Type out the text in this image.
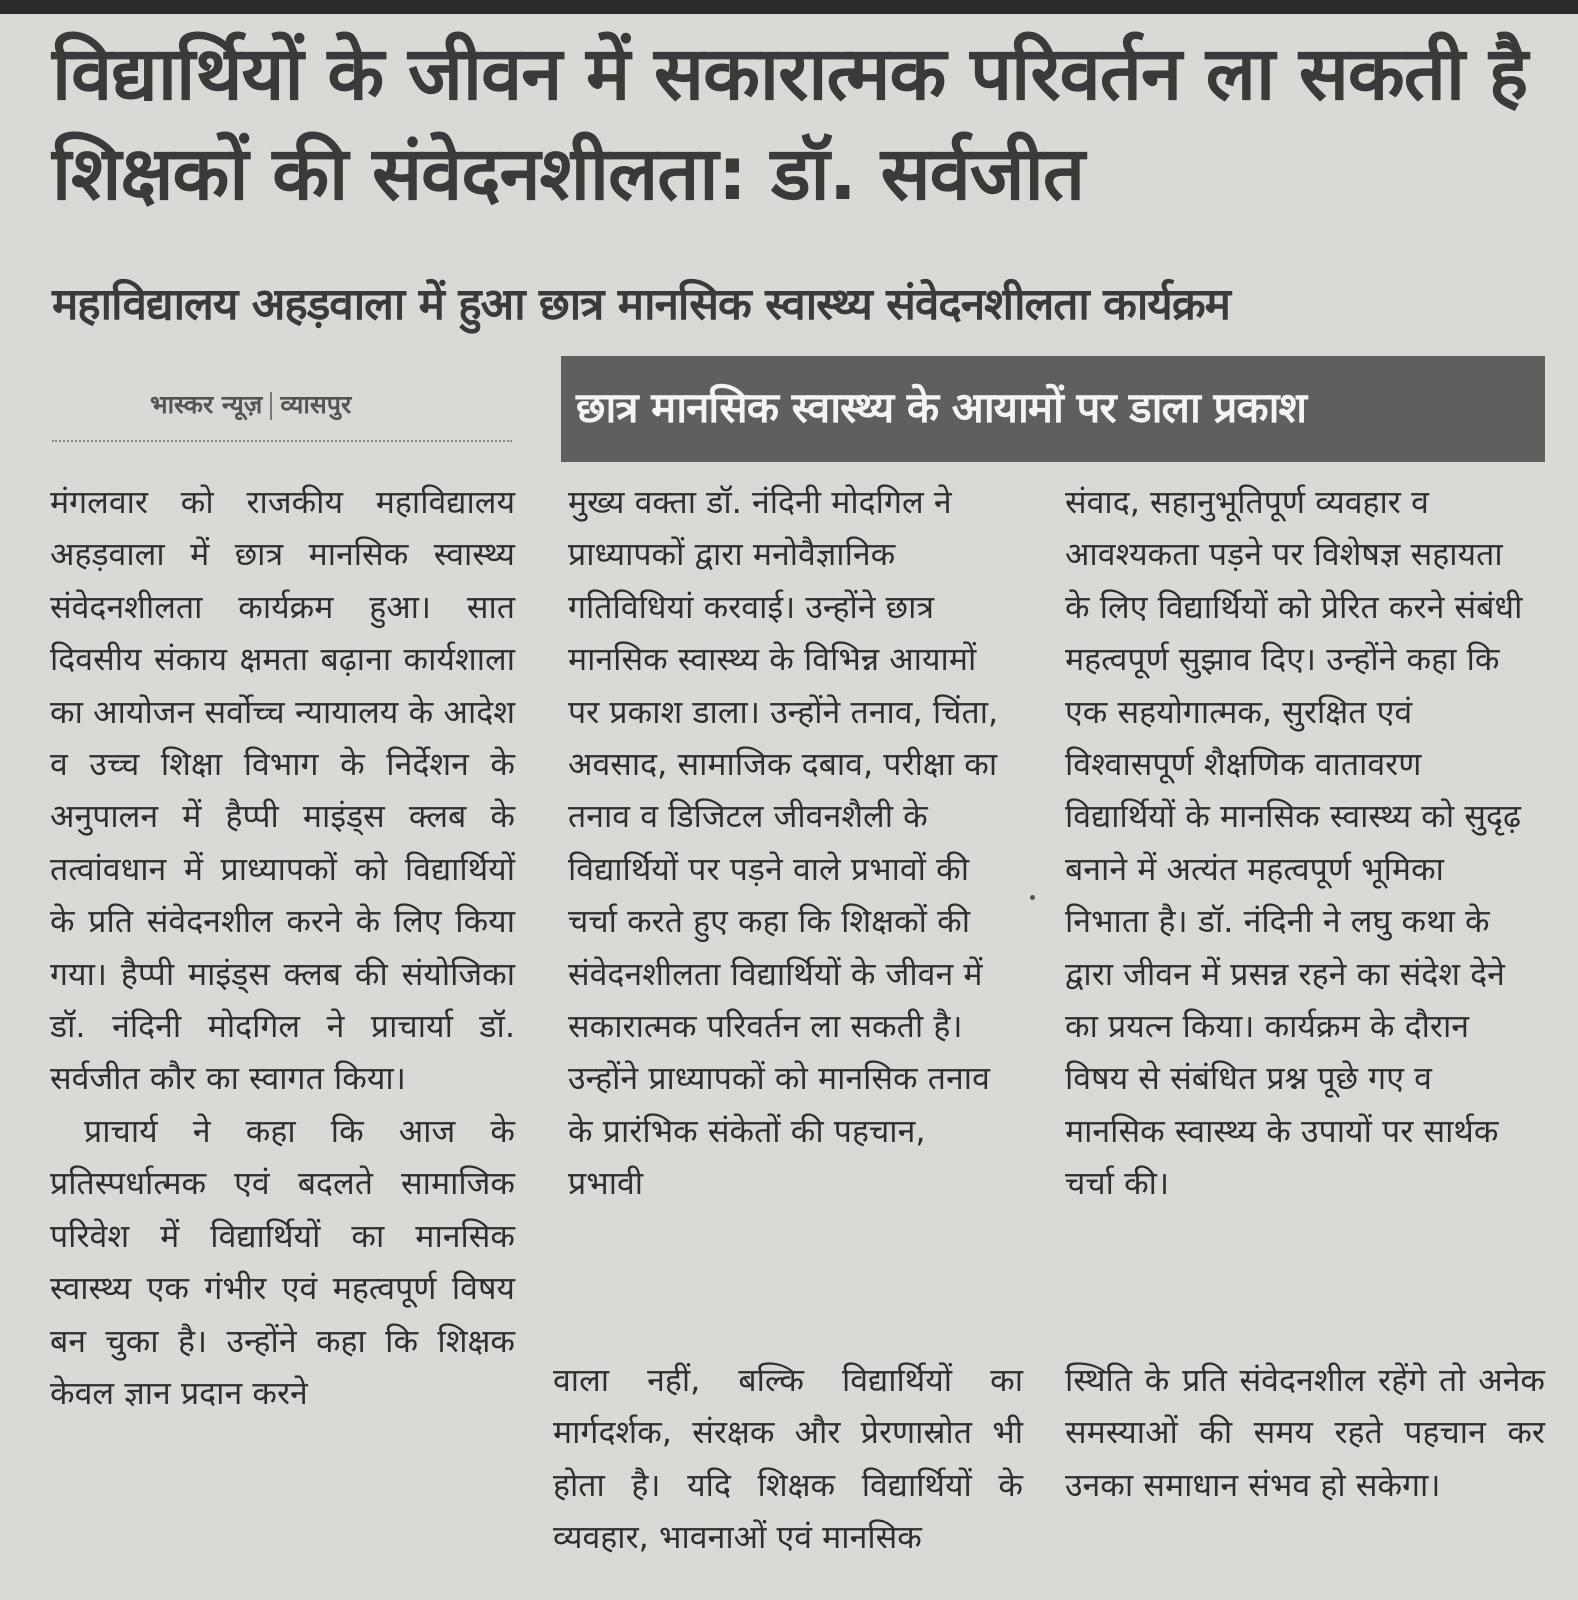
विद्यार्थियों के जीवन में सकारात्मक परिवर्तन ला सकती है शिक्षकों की संवेदनशीलता: डॉ. सर्वजीत
महाविद्यालय अहड़वाला में हुआ छात्र मानसिक स्वास्थ्य संवेदनशीलता कार्यक्रम
भास्कर न्यूज़ व्यासपुर	छात्र मानसिक स्वास्थ्य के आयामों पर डाला प्रकाश

मंगलवार को राजकीय महाविद्यालय अहड़वाला में छात्र मानसिक स्वास्थ्य संवेदनशीलता कार्यक्रम हुआ। सात दिवसीय संकाय क्षमता बढ़ाना कार्यशाला का आयोजन सर्वोच्च न्यायालय के आदेश व उच्च शिक्षा विभाग के निर्देशन के अनुपालन में हैप्पी माइंड्स क्लब के तत्वांवधान में प्राध्यापकों को विद्यार्थियों के प्रति संवेदनशील करने के लिए किया गया। हैप्पी माइंड्स क्लब की संयोजिका डॉ. नंदिनी मोदगिल ने प्राचार्या डॉ. सर्वजीत कौर का स्वागत किया।

प्राचार्य ने कहा कि आज के प्रतिस्पर्धात्मक एवं बदलते सामाजिक परिवेश में विद्यार्थियों का मानसिक स्वास्थ्य एक गंभीर एवं महत्वपूर्ण विषय बन चुका है। उन्होंने कहा कि शिक्षक केवल ज्ञान प्रदान करने

मुख्य वक्ता डॉ. नंदिनी मोदगिल ने प्राध्यापकों द्वारा मनोवैज्ञानिक गतिविधियां करवाई। उन्होंने छात्र मानसिक स्वास्थ्य के विभिन्न आयामों पर प्रकाश डाला। उन्होंने तनाव, चिंता, अवसाद, सामाजिक दबाव, परीक्षा का तनाव व डिजिटल जीवनशैली के विद्यार्थियों पर पड़ने वाले प्रभावों की चर्चा करते हुए कहा कि शिक्षकों की संवेदनशीलता विद्यार्थियों के जीवन में सकारात्मक परिवर्तन ला सकती है। उन्होंने प्राध्यापकों को मानसिक तनाव के प्रारंभिक संकेतों की पहचान, प्रभावी

संवाद, सहानुभूतिपूर्ण व्यवहार व आवश्यकता पड़ने पर विशेषज्ञ सहायता के लिए विद्यार्थियों को प्रेरित करने संबंधी महत्वपूर्ण सुझाव दिए। उन्होंने कहा कि एक सहयोगात्मक, सुरक्षित एवं विश्वासपूर्ण शैक्षणिक वातावरण विद्यार्थियों के मानसिक स्वास्थ्य को सुदृढ़ बनाने में अत्यंत महत्वपूर्ण भूमिका निभाता है। डॉ. नंदिनी ने लघु कथा के द्वारा जीवन में प्रसन्न रहने का संदेश देने का प्रयत्न किया। कार्यक्रम के दौरान विषय से संबंधित प्रश्न पूछे गए व मानसिक स्वास्थ्य के उपायों पर सार्थक चर्चा की।

वाला नहीं, बल्कि विद्यार्थियों का मार्गदर्शक, संरक्षक और प्रेरणास्रोत भी होता है। यदि शिक्षक विद्यार्थियों के व्यवहार, भावनाओं एवं मानसिक

स्थिति के प्रति संवेदनशील रहेंगे तो अनेक समस्याओं की समय रहते पहचान कर उनका समाधान संभव हो सकेगा।
